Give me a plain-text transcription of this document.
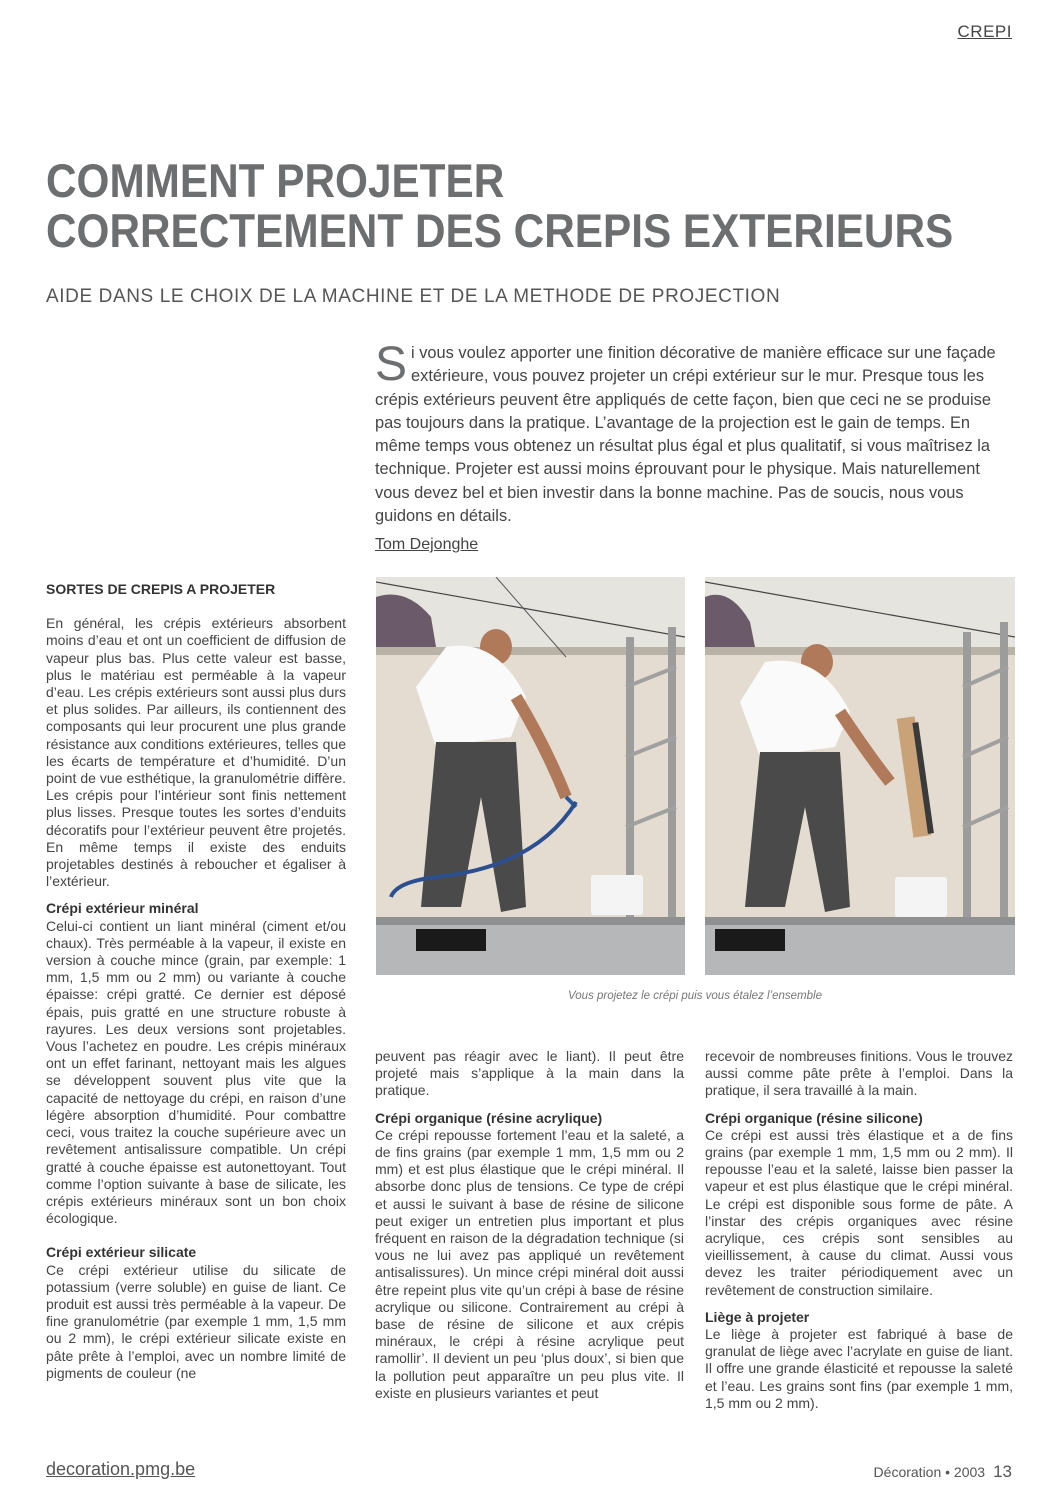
CREPI
COMMENT PROJETER
CORRECTEMENT DES CREPIS EXTERIEURS
AIDE DANS LE CHOIX DE LA MACHINE ET DE LA METHODE DE PROJECTION
Si vous voulez apporter une finition décorative de manière efficace sur une façade extérieure, vous pouvez projeter un crépi extérieur sur le mur. Presque tous les crépis extérieurs peuvent être appliqués de cette façon, bien que ceci ne se produise pas toujours dans la pratique. L’avantage de la projection est le gain de temps. En même temps vous obtenez un résultat plus égal et plus qualitatif, si vous maîtrisez la technique. Projeter est aussi moins éprouvant pour le physique. Mais naturellement vous devez bel et bien investir dans la bonne machine. Pas de soucis, nous vous guidons en détails.
Tom Dejonghe
Vous projetez le crépi puis vous étalez l’ensemble

SORTES DE CREPIS A PROJETER

En général, les crépis extérieurs absorbent moins d’eau et ont un coefficient de diffusion de vapeur plus bas. Plus cette valeur est basse, plus le matériau est perméable à la vapeur d’eau. Les crépis extérieurs sont aussi plus durs et plus solides. Par ailleurs, ils contiennent des composants qui leur procurent une plus grande résistance aux conditions extérieures, telles que les écarts de température et d’humidité. D’un point de vue esthétique, la granulométrie diffère. Les crépis pour l’intérieur sont finis nettement plus lisses. Presque toutes les sortes d’enduits décoratifs pour l’extérieur peuvent être projetés. En même temps il existe des enduits projetables destinés à reboucher et égaliser à l’extérieur.

Crépi extérieur minéral

Celui-ci contient un liant minéral (ciment et/ou chaux). Très perméable à la vapeur, il existe en version à couche mince (grain, par exemple: 1 mm, 1,5 mm ou 2 mm) ou variante à couche épaisse: crépi gratté. Ce dernier est déposé épais, puis gratté en une structure robuste à rayures. Les deux versions sont projetables. Vous l’achetez en poudre. Les crépis minéraux ont un effet farinant, nettoyant mais les algues se développent souvent plus vite que la capacité de nettoyage du crépi, en raison d’une légère absorption d’humidité. Pour combattre ceci, vous traitez la couche supérieure avec un revêtement antisalissure compatible. Un crépi gratté à couche épaisse est autonettoyant. Tout comme l’option suivante à base de silicate, les crépis extérieurs minéraux sont un bon choix écologique.

Crépi extérieur silicate

Ce crépi extérieur utilise du silicate de potassium (verre soluble) en guise de liant. Ce produit est aussi très perméable à la vapeur. De fine granulométrie (par exemple 1 mm, 1,5 mm ou 2 mm), le crépi extérieur silicate existe en pâte prête à l’emploi, avec un nombre limité de pigments de couleur (ne

peuvent pas réagir avec le liant). Il peut être projeté mais s’applique à la main dans la pratique.

Crépi organique (résine acrylique)

Ce crépi repousse fortement l’eau et la saleté, a de fins grains (par exemple 1 mm, 1,5 mm ou 2 mm) et est plus élastique que le crépi minéral. Il absorbe donc plus de tensions. Ce type de crépi et aussi le suivant à base de résine de silicone peut exiger un entretien plus important et plus fréquent en raison de la dégradation technique (si vous ne lui avez pas appliqué un revêtement antisalissures). Un mince crépi minéral doit aussi être repeint plus vite qu’un crépi à base de résine acrylique ou silicone. Contrairement au crépi à base de résine de silicone et aux crépis minéraux, le crépi à résine acrylique peut ramollir’. Il devient un peu ‘plus doux’, si bien que la pollution peut apparaître un peu plus vite. Il existe en plusieurs variantes et peut

recevoir de nombreuses finitions. Vous le trouvez aussi comme pâte prête à l’emploi. Dans la pratique, il sera travaillé à la main.

Crépi organique (résine silicone)

Ce crépi est aussi très élastique et a de fins grains (par exemple 1 mm, 1,5 mm ou 2 mm). Il repousse l’eau et la saleté, laisse bien passer la vapeur et est plus élastique que le crépi minéral. Le crépi est disponible sous forme de pâte. A l’instar des crépis organiques avec résine acrylique, ces crépis sont sensibles au vieillissement, à cause du climat. Aussi vous devez les traiter périodiquement avec un revêtement de construction similaire.

Liège à projeter

Le liège à projeter est fabriqué à base de granulat de liège avec l’acrylate en guise de liant. Il offre une grande élasticité et repousse la saleté et l’eau. Les grains sont fins (par exemple 1 mm, 1,5 mm ou 2 mm).

decoration.pmg.be	Décoration • 2003 13
